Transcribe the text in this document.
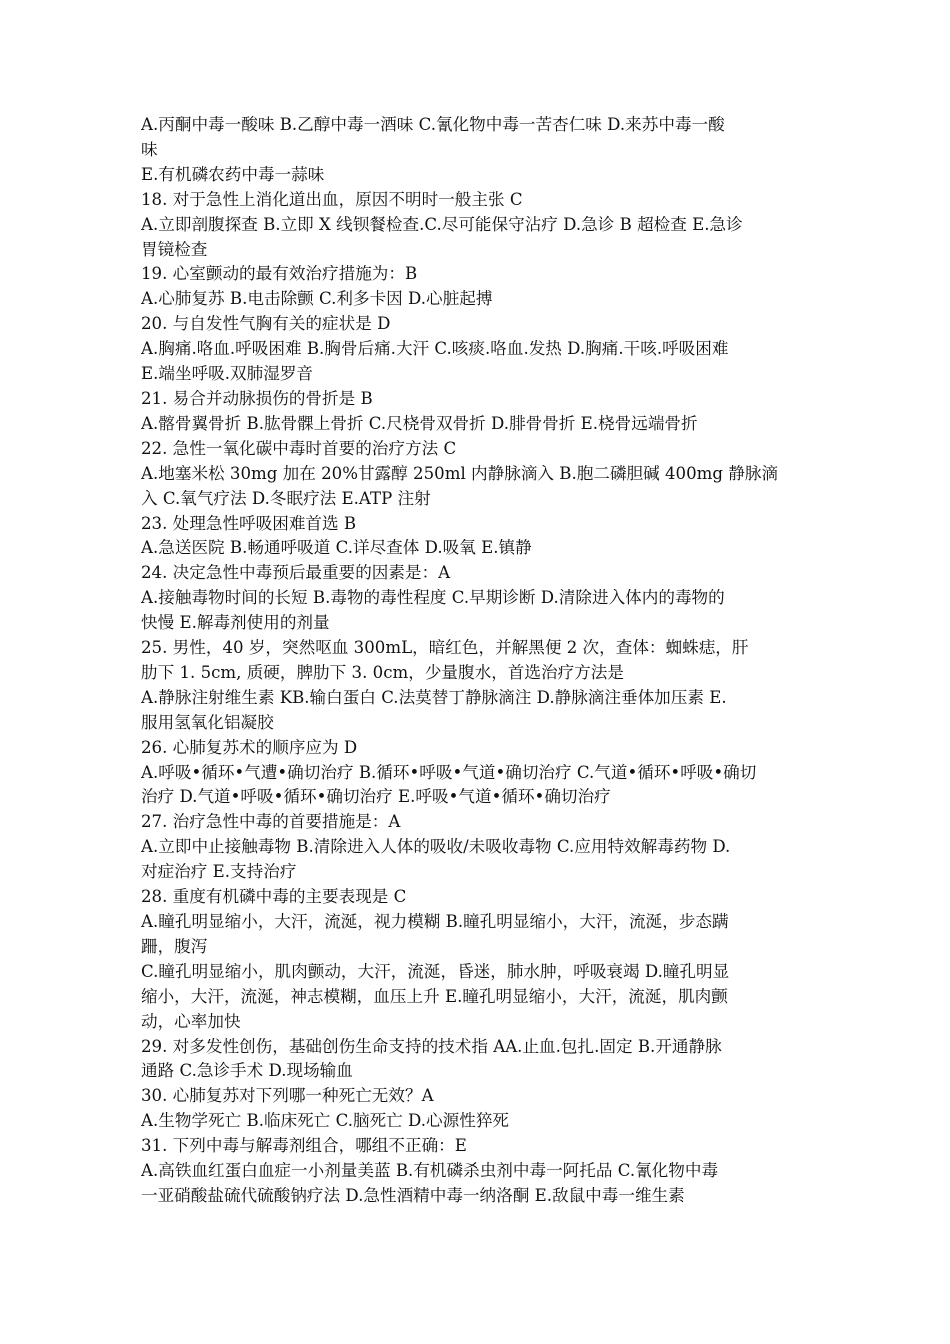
A.丙酮中毒一酸味 B.乙醇中毒一酒味 C.氰化物中毒一苦杏仁味 D.来苏中毒一酸
味
E.有机磷农药中毒一蒜味
18. 对于急性上消化道出血，原因不明时一般主张 C
A.立即剖腹探查 B.立即 X 线钡餐检查.C.尽可能保守沾疗 D.急诊 B 超检查 E.急诊
胃镜检查
19. 心室颤动的最有效治疗措施为：B
A.心肺复苏 B.电击除颤 C.利多卡因 D.心脏起搏
20. 与自发性气胸有关的症状是 D
A.胸痛.咯血.呼吸困难 B.胸骨后痛.大汗 C.咳痰.咯血.发热 D.胸痛.干咳.呼吸困难
E.端坐呼吸.双肺湿罗音
21. 易合并动脉损伤的骨折是 B
A.髂骨翼骨折 B.肱骨髁上骨折 C.尺桡骨双骨折 D.腓骨骨折 E.桡骨远端骨折
22. 急性一氧化碳中毒时首要的治疗方法 C
A.地塞米松 30mg 加在 20%甘露醇 250ml 内静脉滴入 B.胞二磷胆碱 400mg 静脉滴
入 C.氧气疗法 D.冬眠疗法 E.ATP 注射
23. 处理急性呼吸困难首选 B
A.急送医院 B.畅通呼吸道 C.详尽查体 D.吸氧 E.镇静
24. 决定急性中毒预后最重要的因素是：A
A.接触毒物时间的长短 B.毒物的毒性程度 C.早期诊断 D.清除进入体内的毒物的
快慢 E.解毒剂使用的剂量
25. 男性，40 岁，突然呕血 300mL，暗红色，并解黑便 2 次，查体：蜘蛛痣，肝
肋下 1. 5cm, 质硬，脾肋下 3. 0cm，少量腹水，首选治疗方法是
A.静脉注射维生素 KB.输白蛋白 C.法莫替丁静脉滴注 D.静脉滴注垂体加压素 E.
服用氢氧化铝凝胶
26. 心肺复苏术的顺序应为 D
A.呼吸•循环•气遭•确切治疗 B.循环•呼吸•气道•确切治疗 C.气道•循环•呼吸•确切
治疗 D.气道•呼吸•循环•确切治疗 E.呼吸•气道•循环•确切治疗
27. 治疗急性中毒的首要措施是：A
A.立即中止接触毒物 B.清除进入人体的吸收/未吸收毒物 C.应用特效解毒药物 D.
对症治疗 E.支持治疗
28. 重度有机磷中毒的主要表现是 C
A.瞳孔明显缩小，大汗，流涎，视力模糊 B.瞳孔明显缩小，大汗，流涎，步态蹒
跚，腹泻
C.瞳孔明显缩小，肌肉颤动，大汗，流涎，昏迷，肺水肿，呼吸衰竭 D.瞳孔明显
缩小，大汗，流涎，神志模糊，血压上升 E.瞳孔明显缩小，大汗，流涎，肌肉颤
动，心率加快
29. 对多发性创伤，基础创伤生命支持的技术指 AA.止血.包扎.固定 B.开通静脉
通路 C.急诊手术 D.现场输血
30. 心肺复苏对下列哪一种死亡无效？A
A.生物学死亡 B.临床死亡 C.脑死亡 D.心源性猝死
31. 下列中毒与解毒剂组合，哪组不正确：E
A.高铁血红蛋白血症一小剂量美蓝 B.有机磷杀虫剂中毒一阿托品 C.氰化物中毒
一亚硝酸盐硫代硫酸钠疗法 D.急性酒精中毒一纳洛酮 E.敌鼠中毒一维生素
